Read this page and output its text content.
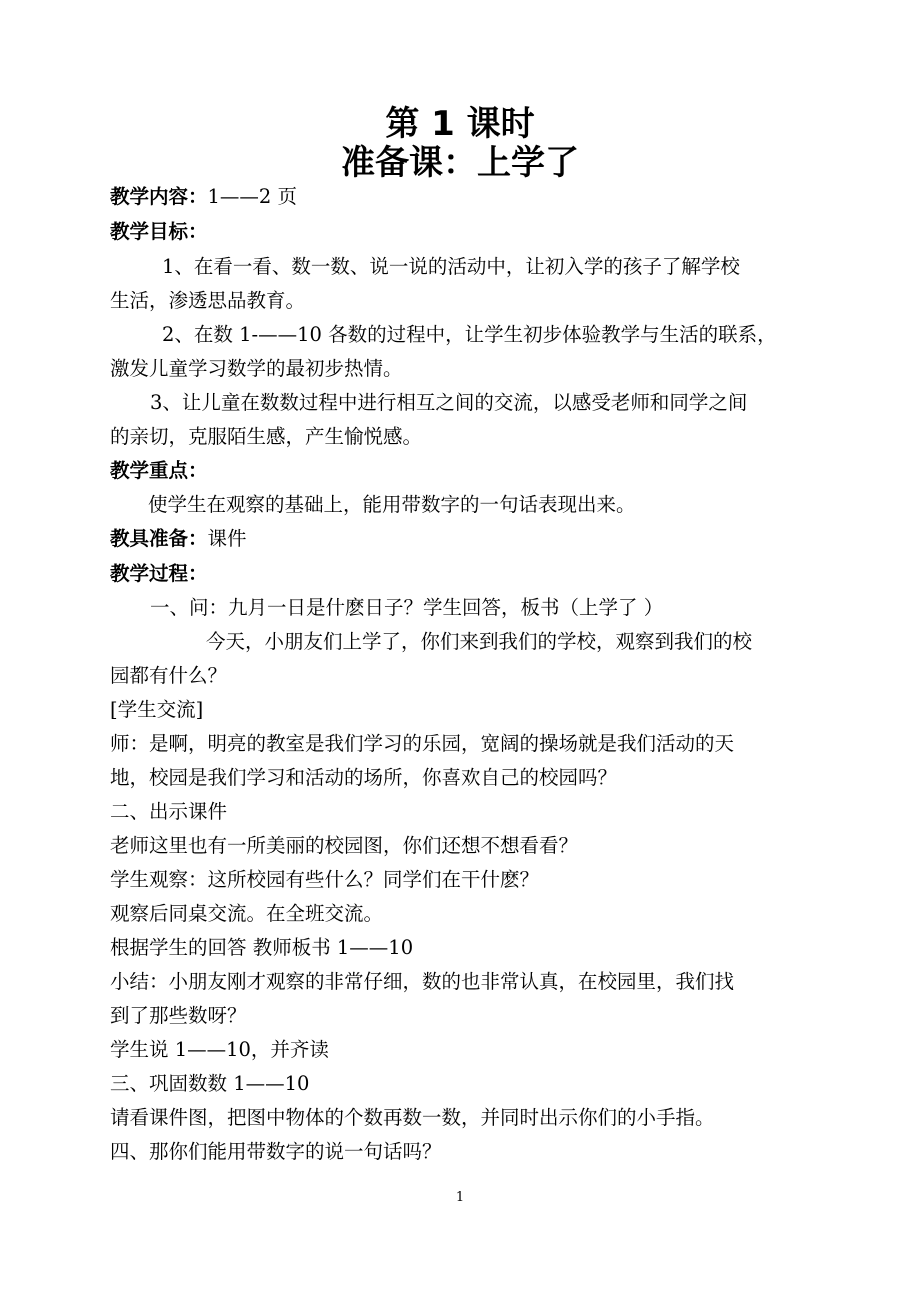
第 1 课时
准备课：上学了
教学内容：1——2 页
教学目标：
1、在看一看、数一数、说一说的活动中，让初入学的孩子了解学校
生活，渗透思品教育。
2、在数 1-——10 各数的过程中，让学生初步体验教学与生活的联系，
激发儿童学习数学的最初步热情。
3、让儿童在数数过程中进行相互之间的交流，以感受老师和同学之间
的亲切，克服陌生感，产生愉悦感。
教学重点：
使学生在观察的基础上，能用带数字的一句话表现出来。
教具准备：课件
教学过程：
一、问：九月一日是什麽日子？学生回答，板书（上学了 ）
今天，小朋友们上学了，你们来到我们的学校，观察到我们的校
园都有什么？
[学生交流]
师：是啊，明亮的教室是我们学习的乐园，宽阔的操场就是我们活动的天
地，校园是我们学习和活动的场所，你喜欢自己的校园吗？
二、出示课件
老师这里也有一所美丽的校园图，你们还想不想看看？
学生观察：这所校园有些什么？同学们在干什麽？
观察后同桌交流。在全班交流。
根据学生的回答 教师板书 1——10
小结：小朋友刚才观察的非常仔细，数的也非常认真，在校园里，我们找
到了那些数呀？
学生说 1——10，并齐读
三、巩固数数 1——10
请看课件图，把图中物体的个数再数一数，并同时出示你们的小手指。
四、那你们能用带数字的说一句话吗？
1
